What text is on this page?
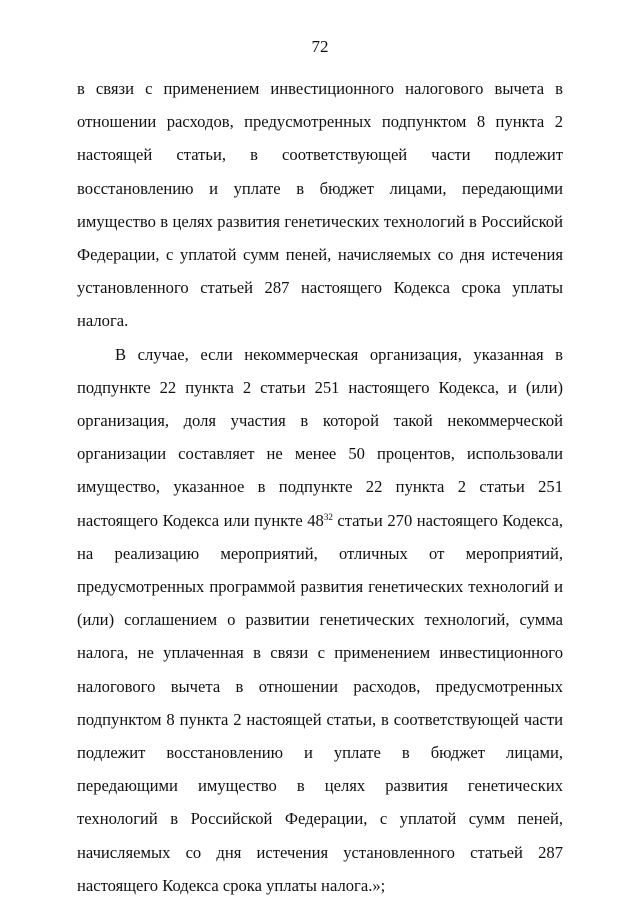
72

в связи с применением инвестиционного налогового вычета в отношении расходов, предусмотренных подпунктом 8 пункта 2 настоящей статьи, в соответствующей части подлежит восстановлению и уплате в бюджет лицами, передающими имущество в целях развития генетических технологий в Российской Федерации, с уплатой сумм пеней, начисляемых со дня истечения установленного статьей 287 настоящего Кодекса срока уплаты налога.

В случае, если некоммерческая организация, указанная в подпункте 22 пункта 2 статьи 251 настоящего Кодекса, и (или) организация, доля участия в которой такой некоммерческой организации составляет не менее 50 процентов, использовали имущество, указанное в подпункте 22 пункта 2 статьи 251 настоящего Кодекса или пункте 48$^{32}$ статьи 270 настоящего Кодекса, на реализацию мероприятий, отличных от мероприятий, предусмотренных программой развития генетических технологий и (или) соглашением о развитии генетических технологий, сумма налога, не уплаченная в связи с применением инвестиционного налогового вычета в отношении расходов, предусмотренных подпунктом 8 пункта 2 настоящей статьи, в соответствующей части подлежит восстановлению и уплате в бюджет лицами, передающими имущество в целях развития генетических технологий в Российской Федерации, с уплатой сумм пеней, начисляемых со дня истечения установленного статьей 287 настоящего Кодекса срока уплаты налога.»;
